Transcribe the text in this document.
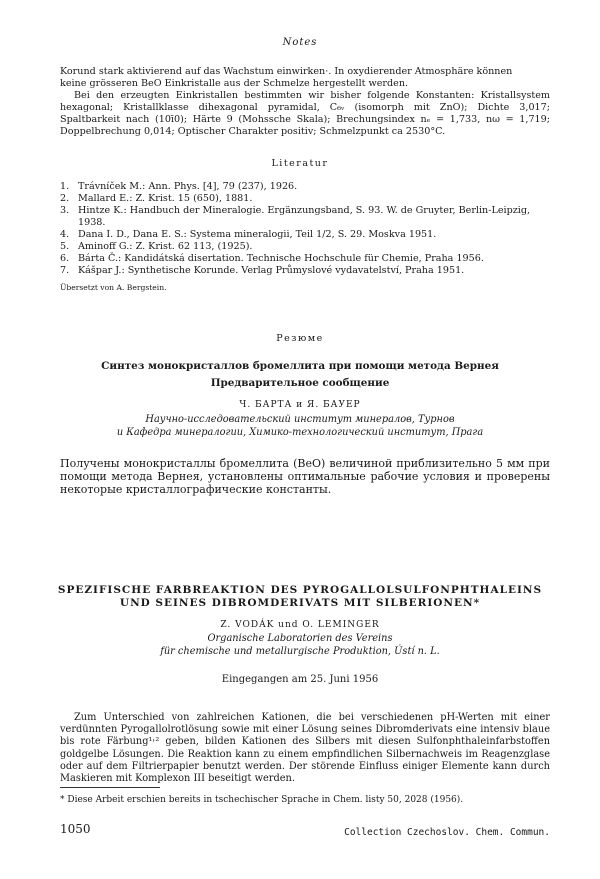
Notes

Korund stark aktivierend auf das Wachstum einwirken·. In oxydierender Atmosphäre können

keine grösseren BeO Einkristalle aus der Schmelze hergestellt werden.

Bei den erzeugten Einkristallen bestimmten wir bisher folgende Konstanten: Kristallsystem hexagonal; Kristallklasse dihexagonal pyramidal, C₆ᵥ (isomorph mit ZnO); Dichte 3,017; Spaltbarkeit nach (10ī0); Härte 9 (Mohssche Skala); Brechungsindex nₑ = 1,733, nω = 1,719; Doppelbrechung 0,014; Optischer Charakter positiv; Schmelzpunkt ca 2530°C.

Literatur
1. Trávníček M.: Ann. Phys. [4], 79 (237), 1926.
2. Mallard E.: Z. Krist. 15 (650), 1881.
3. Hintze K.: Handbuch der Mineralogie. Ergänzungsband, S. 93. W. de Gruyter, Berlin-Leipzig, 1938.
4. Dana I. D., Dana E. S.: Systema mineralogii, Teil 1/2, S. 29. Moskva 1951.
5. Aminoff G.: Z. Krist. 62 113, (1925).
6. Bárta Č.: Kandidátská disertation. Technische Hochschule für Chemie, Praha 1956.
7. Kášpar J.: Synthetische Korunde. Verlag Průmyslové vydavatelství, Praha 1951.
Übersetzt von A. Bergstein.
Резюме
Синтез монокристаллов бромеллита при помощи метода Вернея
Предварительное сообщение
Ч. БАРТА и Я. БАУЕР
Научно-исследовательский институт минералов, Турнов
и Кафедра минералогии, Химико-технологический институт, Прага
Получены монокристаллы бромеллита (BeO) величиной приблизительно 5 мм при помощи метода Вернея, установлены оптимальные рабочие условия и проверены некоторые кристаллографические константы.
SPEZIFISCHE FARBREAKTION DES PYROGALLOLSULFONPHTHALEINS
UND SEINES DIBROMDERIVATS MIT SILBERIONEN*
Z. VODÁK und O. LEMINGER
Organische Laboratorien des Vereins
für chemische und metallurgische Produktion, Ústí n. L.
Eingegangen am 25. Juni 1956
Zum Unterschied von zahlreichen Kationen, die bei verschiedenen pH-Werten mit einer verdünnten Pyrogallolrotlösung sowie mit einer Lösung seines Dibromderivats eine intensiv blaue bis rote Färbung¹˒² geben, bilden Kationen des Silbers mit diesen Sulfonphthaleinfarbstoffen goldgelbe Lösungen. Die Reaktion kann zu einem empfindlichen Silbernachweis im Reagenzglase oder auf dem Filtrierpapier benutzt werden. Der störende Einfluss einiger Elemente kann durch Maskieren mit Komplexon III beseitigt werden.
* Diese Arbeit erschien bereits in tschechischer Sprache in Chem. listy 50, 2028 (1956).
1050	Collection Czechoslov. Chem. Commun.
